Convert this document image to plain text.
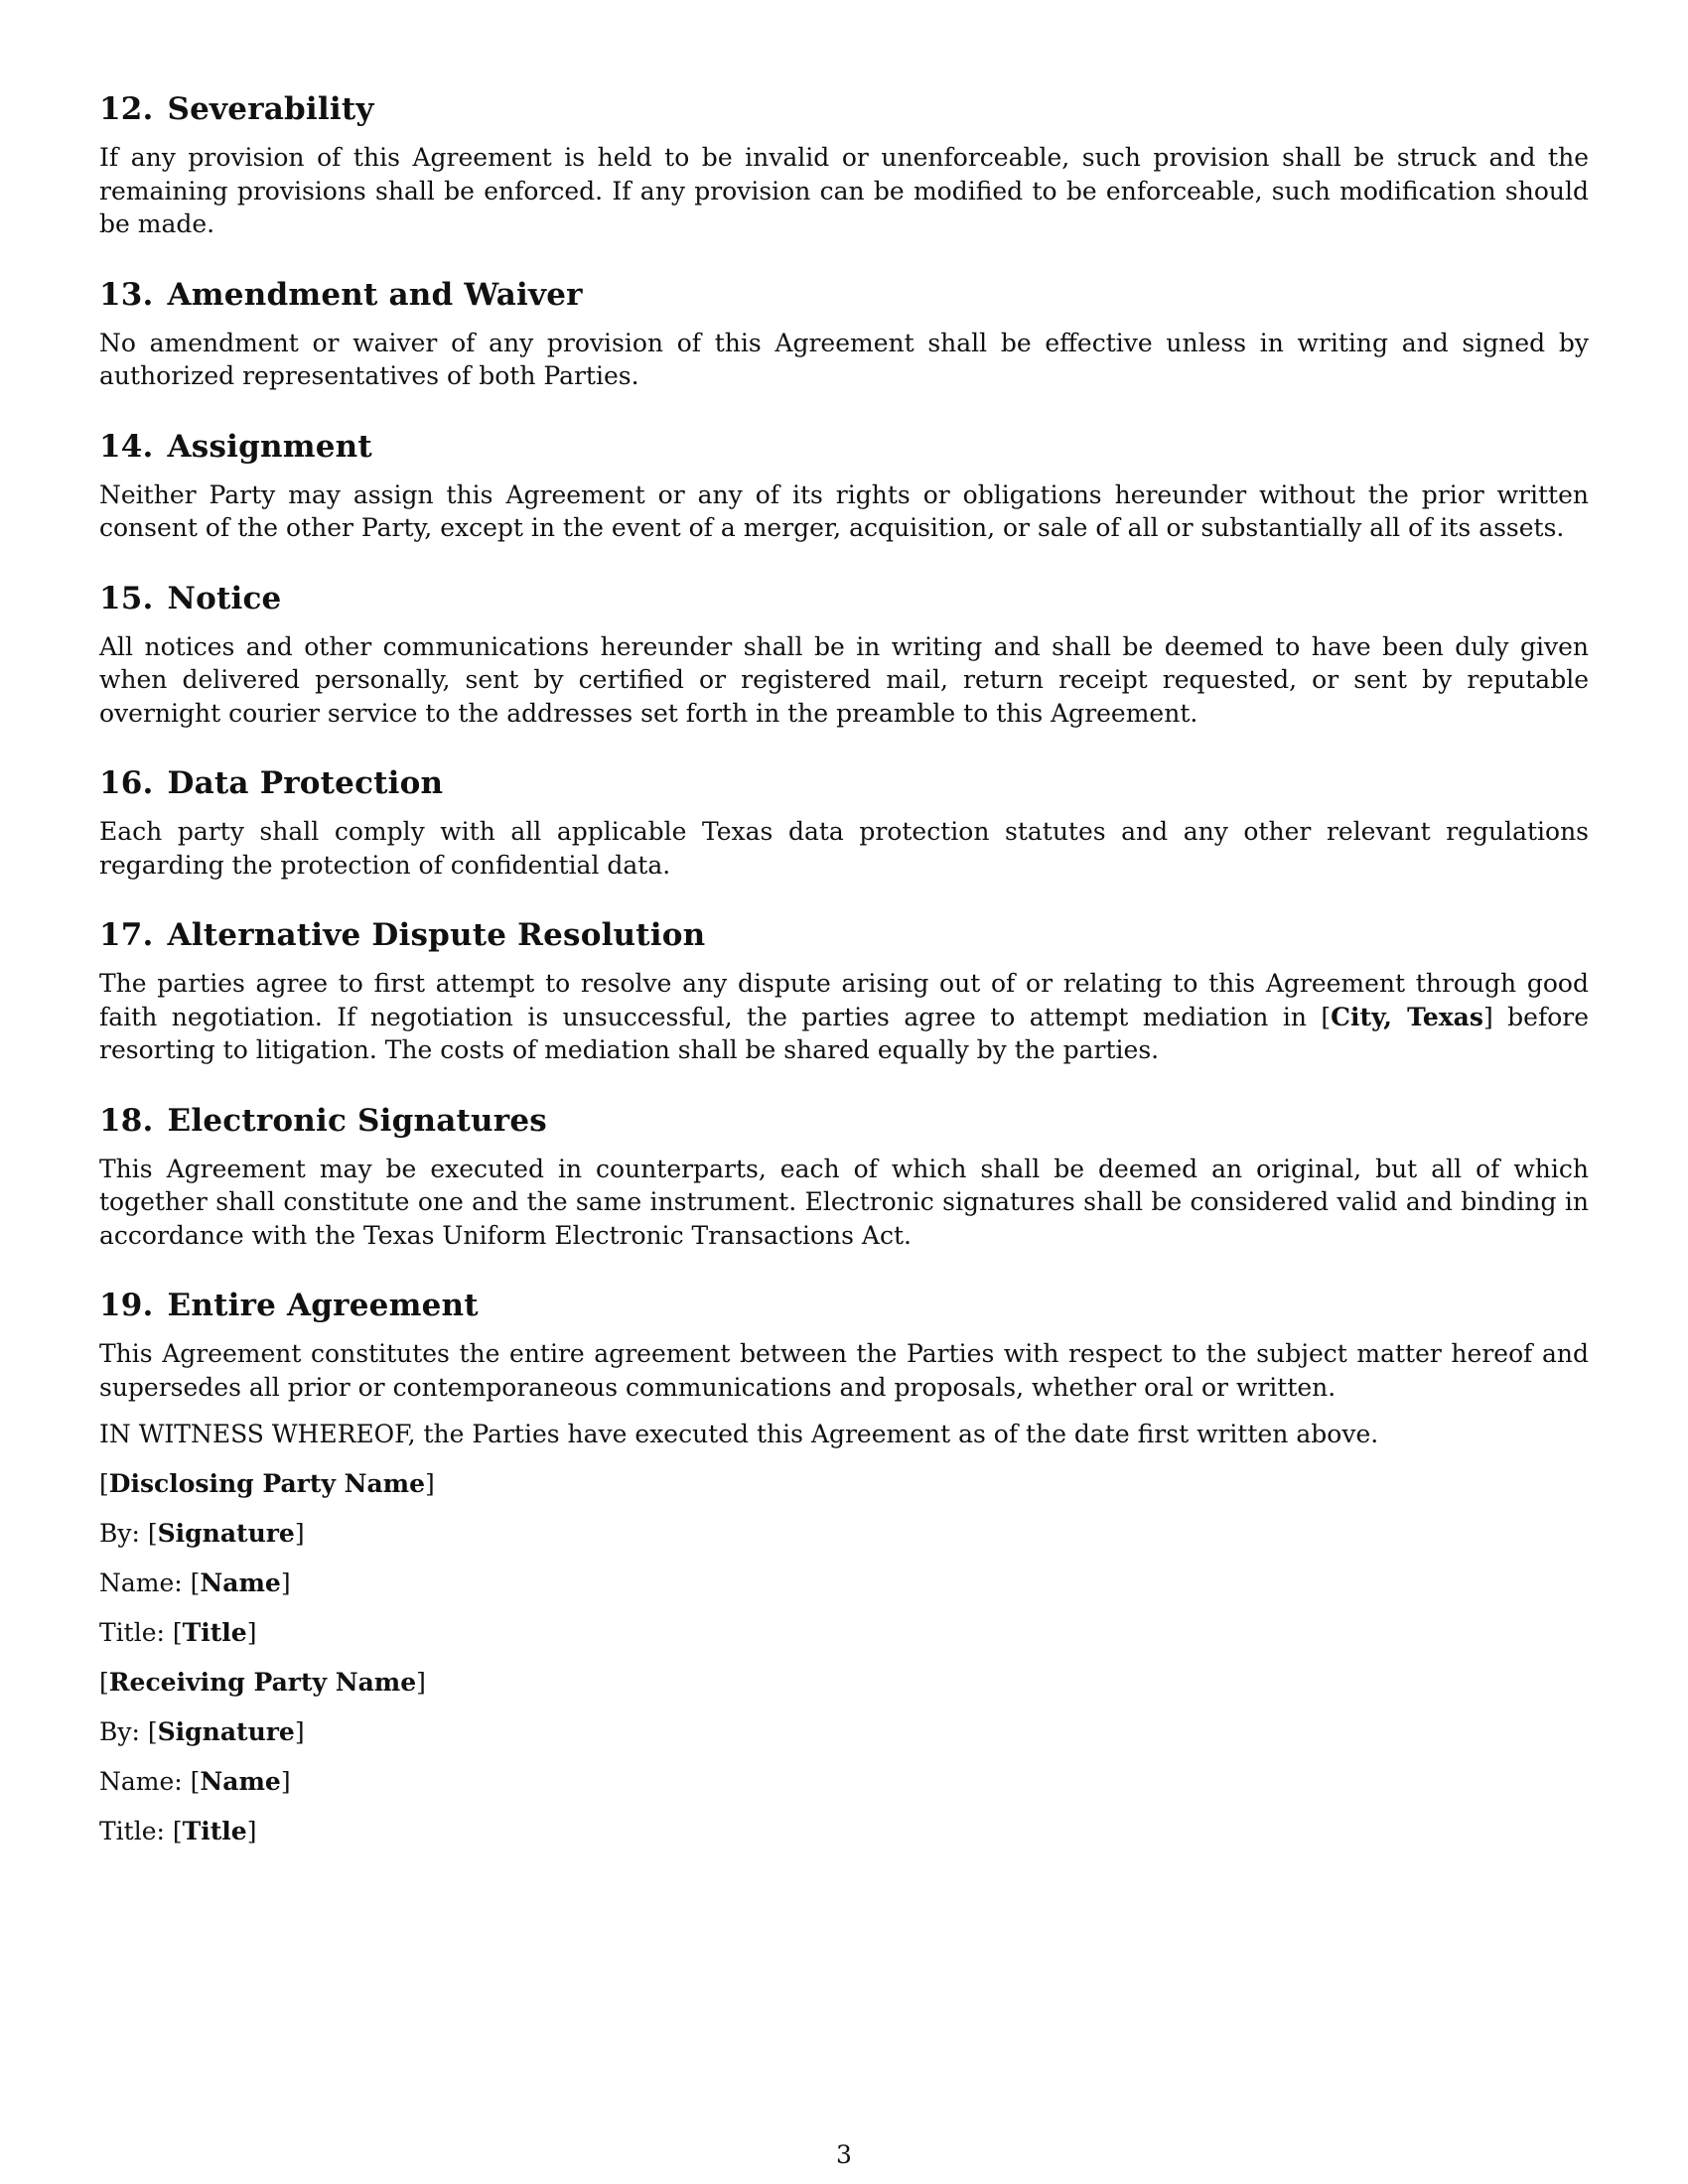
12. Severability

If any provision of this Agreement is held to be invalid or unenforceable, such provision shall be struck and the remaining provisions shall be enforced. If any provision can be modified to be enforceable, such modification should be made.

13. Amendment and Waiver

No amendment or waiver of any provision of this Agreement shall be effective unless in writing and signed by authorized representatives of both Parties.

14. Assignment

Neither Party may assign this Agreement or any of its rights or obligations hereunder without the prior written consent of the other Party, except in the event of a merger, acquisition, or sale of all or substantially all of its assets.

15. Notice

All notices and other communications hereunder shall be in writing and shall be deemed to have been duly given when delivered personally, sent by certified or registered mail, return receipt requested, or sent by reputable overnight courier service to the addresses set forth in the preamble to this Agreement.

16. Data Protection

Each party shall comply with all applicable Texas data protection statutes and any other relevant regulations regarding the protection of confidential data.

17. Alternative Dispute Resolution

The parties agree to first attempt to resolve any dispute arising out of or relating to this Agreement through good faith negotiation. If negotiation is unsuccessful, the parties agree to attempt mediation in [City, Texas] before resorting to litigation. The costs of mediation shall be shared equally by the parties.

18. Electronic Signatures

This Agreement may be executed in counterparts, each of which shall be deemed an original, but all of which together shall constitute one and the same instrument. Electronic signatures shall be considered valid and binding in accordance with the Texas Uniform Electronic Transactions Act.

19. Entire Agreement

This Agreement constitutes the entire agreement between the Parties with respect to the subject matter hereof and supersedes all prior or contemporaneous communications and proposals, whether oral or written.

IN WITNESS WHEREOF, the Parties have executed this Agreement as of the date first written above.

[Disclosing Party Name]

By: [Signature]

Name: [Name]

Title: [Title]

[Receiving Party Name]

By: [Signature]

Name: [Name]

Title: [Title]

3
